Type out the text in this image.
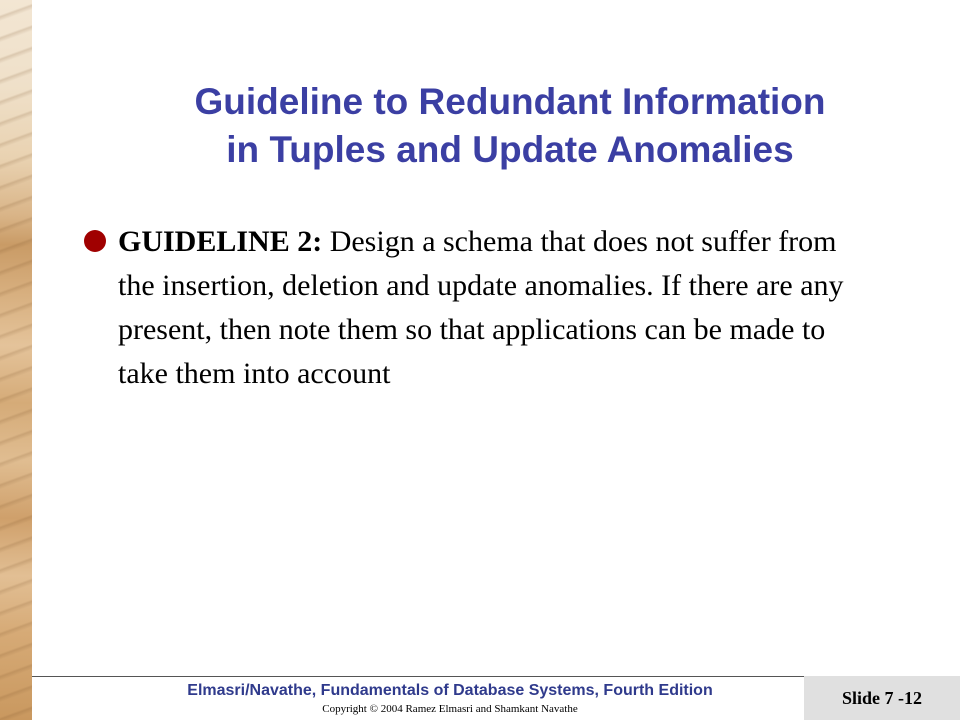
Guideline to Redundant Information
in Tuples and Update Anomalies
GUIDELINE 2: Design a schema that does not suffer from the insertion, deletion and update anomalies. If there are any present, then note them so that applications can be made to take them into account
Elmasri/Navathe, Fundamentals of Database Systems, Fourth Edition
Copyright © 2004 Ramez Elmasri and Shamkant Navathe
Slide 7 -12
